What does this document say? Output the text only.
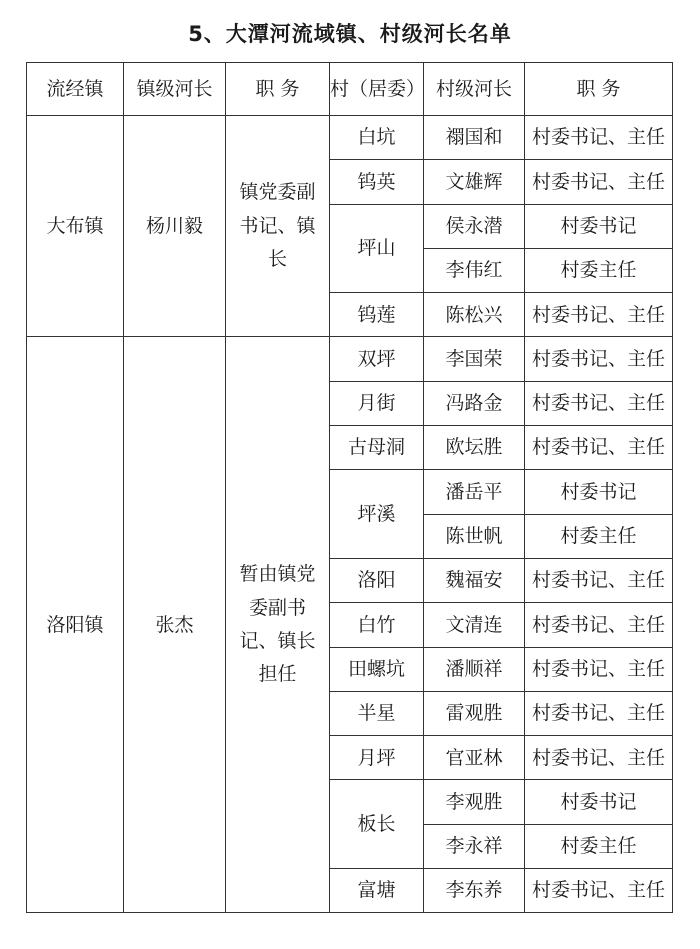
5、大潭河流域镇、村级河长名单
流经镇	镇级河长	职 务	村（居委）	村级河长	职 务
大布镇	杨川毅	镇党委副书记、镇长	白坑	禤国和	村委书记、主任
			钨英	文雄辉	村委书记、主任
			坪山	侯永潜	村委书记
				李伟红	村委主任
			钨莲	陈松兴	村委书记、主任
洛阳镇	张杰	暂由镇党委副书记、镇长担任	双坪	李国荣	村委书记、主任
			月街	冯路金	村委书记、主任
			古母洞	欧坛胜	村委书记、主任
			坪溪	潘岳平	村委书记
				陈世帆	村委主任
			洛阳	魏福安	村委书记、主任
			白竹	文清连	村委书记、主任
			田螺坑	潘顺祥	村委书记、主任
			半星	雷观胜	村委书记、主任
			月坪	官亚林	村委书记、主任
			板长	李观胜	村委书记
				李永祥	村委主任
			富塘	李东养	村委书记、主任
